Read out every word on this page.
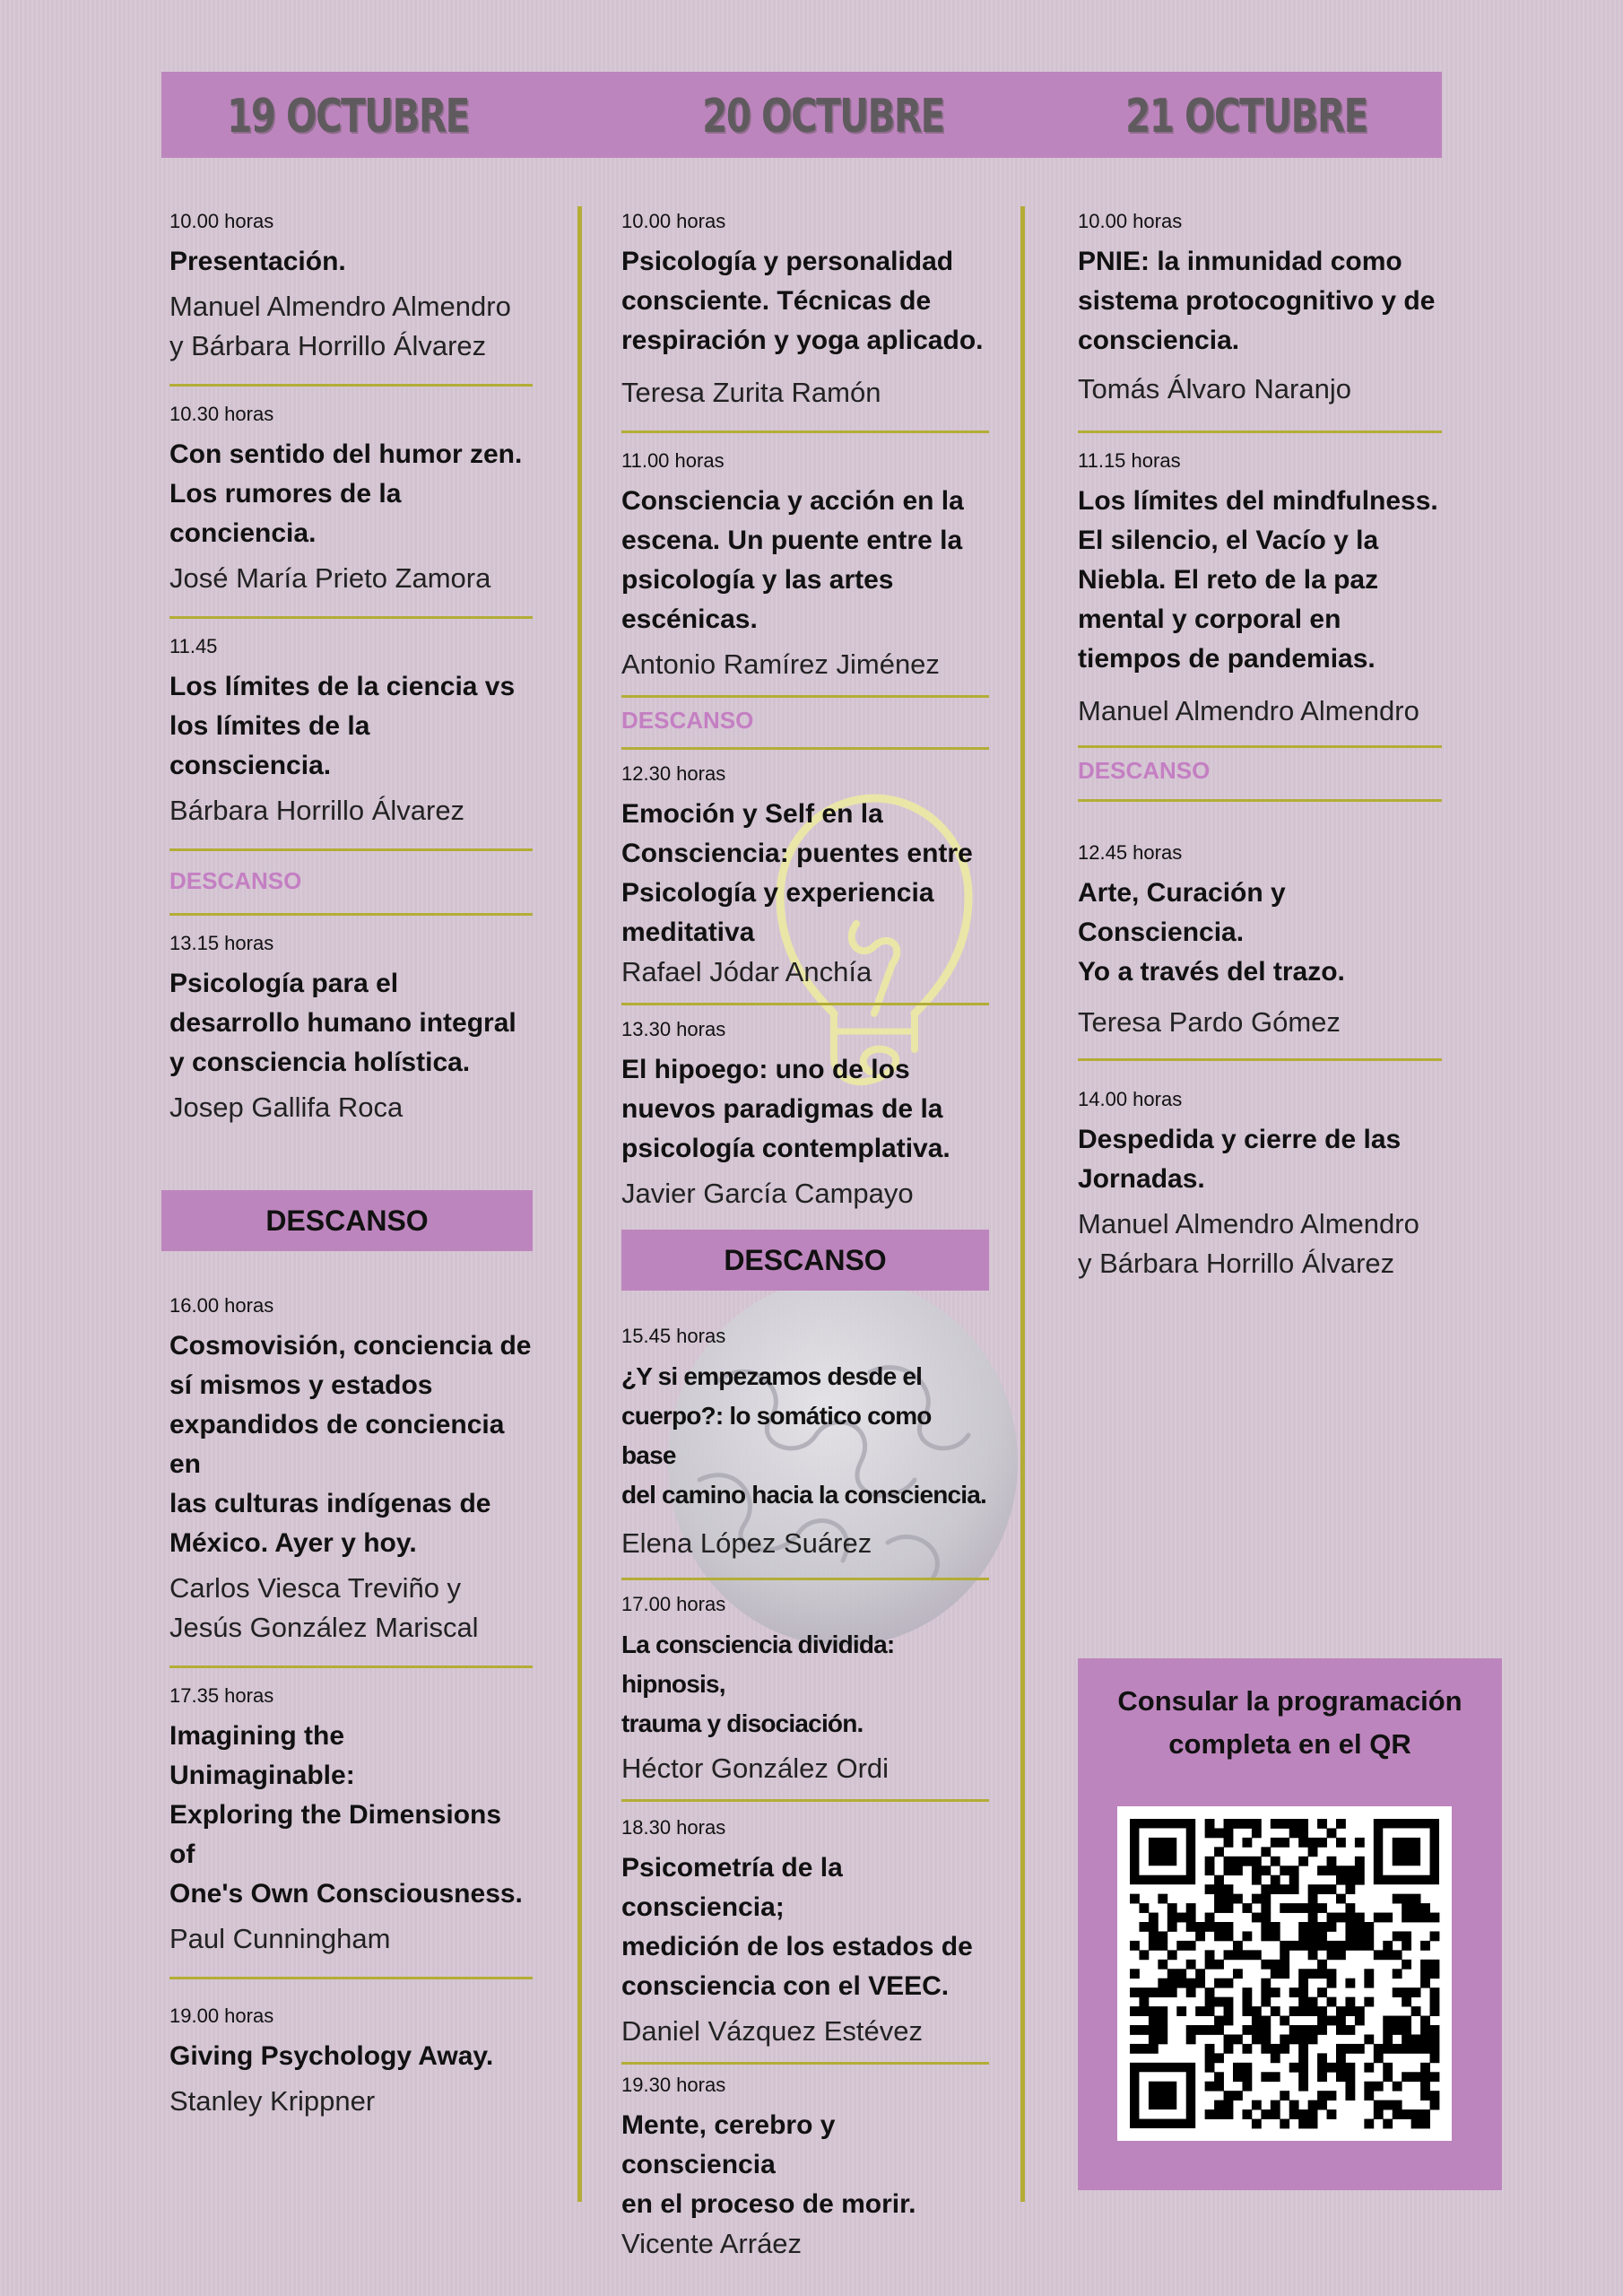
19 OCTUBRE	20 OCTUBRE	21 OCTUBRE
10.00 horas
Presentación.
Manuel Almendro Almendro
y Bárbara Horrillo Álvarez
10.30 horas
Con sentido del humor zen.
Los rumores de la conciencia.
José María Prieto Zamora
11.45
Los límites de la ciencia vs
los límites de la consciencia.
Bárbara Horrillo Álvarez
DESCANSO
13.15 horas
Psicología para el
desarrollo humano integral
y consciencia holística.
Josep Gallifa Roca
DESCANSO
16.00 horas
Cosmovisión, conciencia de
sí mismos y estados
expandidos de conciencia en
las culturas indígenas de
México. Ayer y hoy.
Carlos Viesca Treviño y
Jesús González Mariscal
17.35 horas
Imagining the Unimaginable:
Exploring the Dimensions of
One's Own Consciousness.
Paul Cunningham
19.00 horas
Giving Psychology Away.
Stanley Krippner
10.00 horas
Psicología y personalidad
consciente. Técnicas de
respiración y yoga aplicado.
Teresa Zurita Ramón
11.00 horas
Consciencia y acción en la
escena. Un puente entre la
psicología y las artes
escénicas.
Antonio Ramírez Jiménez
DESCANSO
12.30 horas
Emoción y Self en la
Consciencia: puentes entre
Psicología y experiencia
meditativa
Rafael Jódar Anchía
13.30 horas
El hipoego: uno de los
nuevos paradigmas de la
psicología contemplativa.
Javier García Campayo
DESCANSO
15.45 horas
¿Y si empezamos desde el
cuerpo?: lo somático como base
del camino hacia la consciencia.
Elena López Suárez
17.00 horas
La consciencia dividida: hipnosis,
trauma y disociación.
Héctor González Ordi
18.30 horas
Psicometría de la consciencia;
medición de los estados de
consciencia con el VEEC.
Daniel Vázquez Estévez
19.30 horas
Mente, cerebro y consciencia
en el proceso de morir.
Vicente Arráez
10.00 horas
PNIE: la inmunidad como
sistema protocognitivo y de
consciencia.
Tomás Álvaro Naranjo
11.15 horas
Los límites del mindfulness.
El silencio, el Vacío y la
Niebla. El reto de la paz
mental y corporal en
tiempos de pandemias.
Manuel Almendro Almendro
DESCANSO
12.45 horas
Arte, Curación y Consciencia.
Yo a través del trazo.
Teresa Pardo Gómez
14.00 horas
Despedida y cierre de las
Jornadas.
Manuel Almendro Almendro
y Bárbara Horrillo Álvarez
Consular la programación
completa en el QR
